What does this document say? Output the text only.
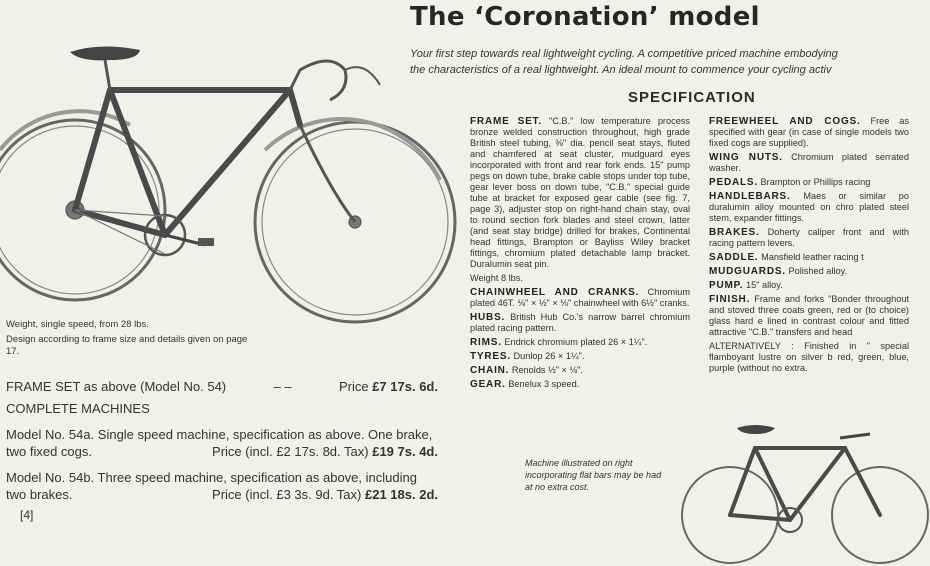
The ‘Coronation’ model
Your first step towards real lightweight cycling. A competitive priced machine embodying
the characteristics of a real lightweight. An ideal mount to commence your cycling activ
SPECIFICATION

FRAME SET. "C.B." low temperature process bronze welded construction throughout, high grade British steel tubing, ⅜" dia. pencil seat stays, fluted and chamfered at seat cluster, mudguard eyes incorporated with front and rear fork ends. 15" pump pegs on down tube, brake cable stops under top tube, gear lever boss on down tube, "C.B." special guide tube at bracket for exposed gear cable (see fig. 7, page 3), adjuster stop on right-hand chain stay, oval to round section fork blades and steel crown, latter (and seat stay bridge) drilled for brakes, Continental head fittings, Brampton or Bayliss Wiley bracket fittings, chromium plated detachable lamp bracket. Duralumin seat pin.

Weight 8 lbs.

CHAINWHEEL AND CRANKS. Chromium plated 46T. ⅛" × ½" × ⅛" chainwheel with 6½" cranks.

HUBS. British Hub Co.'s narrow barrel chromium plated racing pattern.

RIMS. Endrick chromium plated 26 × 1¼".

TYRES. Dunlop 26 × 1¼".

CHAIN. Renolds ½" × ⅛".

GEAR. Benelux 3 speed.

FREEWHEEL AND COGS. Free as specified with gear (in case of single models two fixed cogs are supplied).

WING NUTS. Chromium plated serrated washer.

PEDALS. Brampton or Phillips racing

HANDLEBARS. Maes or similar po duralumin alloy mounted on chro plated steel stem, expander fittings.

BRAKES. Doherty caliper front and with racing pattern levers.

SADDLE. Mansfield leather racing t

MUDGUARDS. Polished alloy.

PUMP. 15" alloy.

FINISH. Frame and forks "Bonder throughout and stoved three coats green, red or (to choice) glass hard e lined in contrast colour and fitted attractive "C.B." transfers and head

ALTERNATIVELY : Finished in " special flamboyant lustre on silver b red, green, blue, purple (without no extra.

Weight, single speed, from 28 lbs.

Design according to frame size and details given on page 17.

FRAME SET as above (Model No. 54)	– –	Price £7 17s. 6d.
COMPLETE MACHINES
Model No. 54a. Single speed machine, specification as above. One brake,
two fixed cogs.	Price (incl. £2 17s. 8d. Tax) £19 7s. 4d.
Model No. 54b. Three speed machine, specification as above, including
two brakes.	Price (incl. £3 3s. 9d. Tax) £21 18s. 2d.
[4]
Machine illustrated on right incorporating flat bars may be had at no extra cost.
